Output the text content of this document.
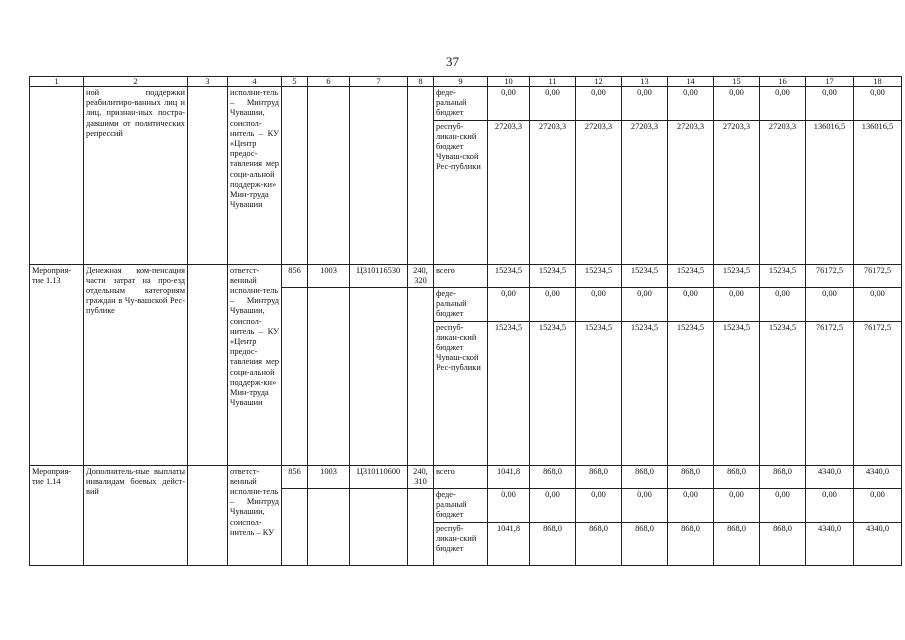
37
1	2	3	4	5	6	7	8	9	10	11	12	13	14	15	16	17	18
	ной поддержки реабилитиро-ванных лиц и лиц, признан-ных постра-давшими от политических репрессий		исполни-тель – Минтруд Чувашии, соиспол-нитель – КУ «Центр предос-тавления мер соци-альной поддерж-ки» Мин-труда Чувашии					феде-ральный бюджет	0,00	0,00	0,00	0,00	0,00	0,00	0,00	0,00	0,00
								респуб-ликан-ский бюджет Чуваш-ской Рес-публики	27203,3	27203,3	27203,3	27203,3	27203,3	27203,3	27203,3	136016,5	136016,5
Мероприя-тие 1.13	Денежная ком-пенсация части затрат на про-езд отдельным категориям граждан в Чу-вашской Рес-публике		ответст-венный исполни-тель – Минтруд Чувашии, соиспол-нитель – КУ «Центр предос-тавления мер соци-альной поддерж-ки» Мин-труда Чувашии	856	1003	Ц310116530	240, 320	всего	15234,5	15234,5	15234,5	15234,5	15234,5	15234,5	15234,5	76172,5	76172,5
								феде-ральный бюджет	0,00	0,00	0,00	0,00	0,00	0,00	0,00	0,00	0,00
								респуб-ликан-ский бюджет Чуваш-ской Рес-публики	15234,5	15234,5	15234,5	15234,5	15234,5	15234,5	15234,5	76172,5	76172,5
Мероприя-тие 1.14	Дополнитель-ные выплаты инвалидам боевых дейст-вий		ответст-венный исполни-тель – Минтруд Чувашии, соиспол-нитель – КУ	856	1003	Ц310110600	240, 310	всего	1041,8	868,0	868,0	868,0	868,0	868,0	868,0	4340,0	4340,0
								феде-ральный бюджет	0,00	0,00	0,00	0,00	0,00	0,00	0,00	0,00	0,00
								респуб-ликан-ский бюджет	1041,8	868,0	868,0	868,0	868,0	868,0	868,0	4340,0	4340,0
